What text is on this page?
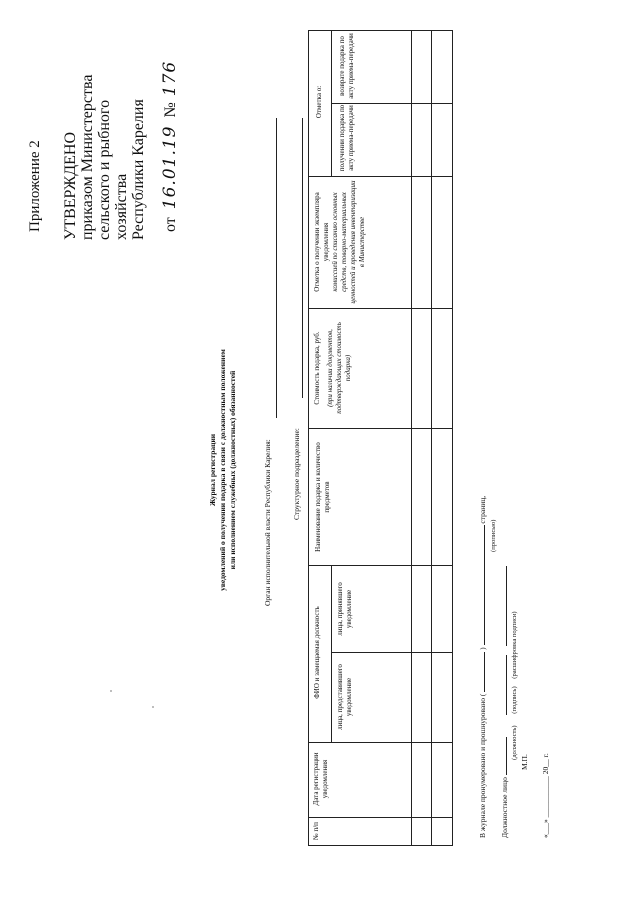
Приложение 2 УТВЕРЖДЕНО приказом Министерства сельского и рыбного хозяйства Республики Карелия от 16.01.19 № 176
Журнал регистрации уведомлений о получении подарка в связи с должностным положением или исполнением служебных (должностных) обязанностей	Орган исполнительной власти Республики Карелия:	Структурное подразделение:
№ п/п
Дата регистрации уведомления
ФИО и замещаемая должность лица, представившего уведомление
лица, принявшего уведомление
Наименование подарка и количество предметов
Стоимость подарка, руб. (при наличии документов, подтверждающих стоимость подарка)
Отметка о получении экземпляра уведомления комиссией по списанию основных средств, товарно-материальных ценностей и проведения инвентаризации в Министерстве
Отметка о:
получении подарка по акту приема-передачи
возврате подарка по акту приема-передачи
В журнале пронумеровано и прошнуровано (  )  страниц,
(прописью)
Должностное лицо
(должность) (подпись) (расшифровка подписи)
М.П. «___» ___________ 20__ г.
